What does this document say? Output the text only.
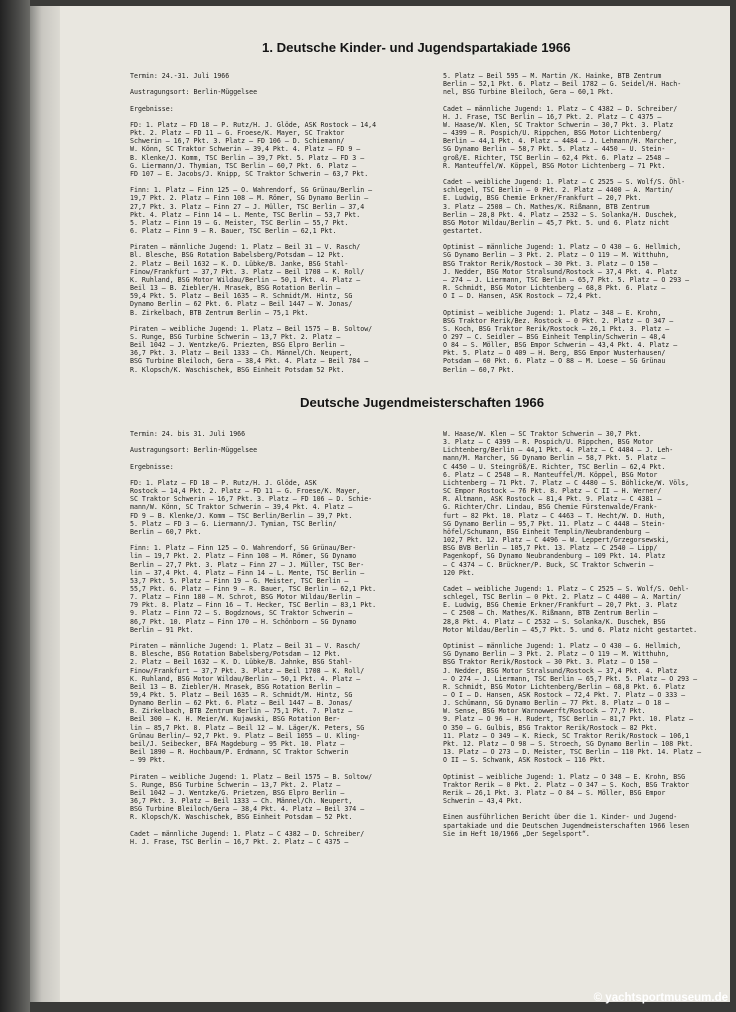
1. Deutsche Kinder- und Jugendspartakiade 1966
Termin: 24.-31. Juli 1966

Austragungsort: Berlin-Müggelsee

Ergebnisse:

FD: 1. Platz — FD 18 — P. Rutz/H. J. Glöde, ASK Rostock — 14,4
Pkt. 2. Platz — FD 11 — G. Froese/K. Mayer, SC Traktor
Schwerin — 16,7 Pkt. 3. Platz — FD 106 — D. Schiemann/
W. Könn, SC Traktor Schwerin — 39,4 Pkt. 4. Platz — FD 9 —
B. Klenke/J. Komm, TSC Berlin — 39,7 Pkt. 5. Platz — FD 3 —
G. Liermann/J. Thymian, TSC Berlin — 60,7 Pkt. 6. Platz —
FD 107 — E. Jacobs/J. Knipp, SC Traktor Schwerin — 63,7 Pkt.

Finn: 1. Platz — Finn 125 — O. Wahrendorf, SG Grünau/Berlin —
19,7 Pkt. 2. Platz — Finn 108 — M. Römer, SG Dynamo Berlin —
27,7 Pkt. 3. Platz — Finn 27 — J. Müller, TSC Berlin — 37,4
Pkt. 4. Platz — Finn 14 — L. Mente, TSC Berlin — 53,7 Pkt.
5. Platz — Finn 19 — G. Meister, TSC Berlin — 55,7 Pkt.
6. Platz — Finn 9 — R. Bauer, TSC Berlin — 62,1 Pkt.

Piraten — männliche Jugend: 1. Platz — Beil 31 — V. Rasch/
Bl. Blesche, BSG Rotation Babelsberg/Potsdam — 12 Pkt.
2. Platz — Beil 1632 — K. D. Lübke/B. Janke, BSG Stahl-
Finow/Frankfurt — 37,7 Pkt. 3. Platz — Beil 1708 — K. Roll/
K. Ruhland, BSG Motor Wildau/Berlin — 50,1 Pkt. 4. Platz —
Beil 13 — B. Ziebler/H. Mrasek, BSG Rotation Berlin —
59,4 Pkt. 5. Platz — Beil 1635 — R. Schmidt/M. Hintz, SG
Dynamo Berlin — 62 Pkt. 6. Platz — Beil 1447 — W. Jonas/
B. Zirkelbach, BTB Zentrum Berlin — 75,1 Pkt.

Piraten — weibliche Jugend: 1. Platz — Beil 1575 — B. Soltow/
S. Runge, BSG Turbine Schwerin — 13,7 Pkt. 2. Platz —
Beil 1042 — J. Wentzke/G. Priezten, BSG Elpro Berlin —
36,7 Pkt. 3. Platz — Beil 1333 — Ch. Männel/Ch. Neupert,
BSG Turbine Bleiloch, Gera — 38,4 Pkt. 4. Platz — Beil 784 —
R. Klopsch/K. Waschischek, BSG Einheit Potsdam 52 Pkt.
5. Platz — Beil 595 — M. Martin /K. Hainke, BTB Zentrum
Berlin — 52,1 Pkt. 6. Platz — Beil 1782 — G. Seidel/H. Hach-
nel, BSG Turbine Bleiloch, Gera — 60,1 Pkt.

Cadet — männliche Jugend: 1. Platz — C 4382 — D. Schreiber/
H. J. Frase, TSC Berlin — 16,7 Pkt. 2. Platz — C 4375 —
W. Haase/W. Klen, SC Traktor Schwerin — 30,7 Pkt. 3. Platz
— 4399 — R. Pospich/U. Rippchen, BSG Motor Lichtenberg/
Berlin — 44,1 Pkt. 4. Platz — 4484 — J. Lehmann/H. Marcher,
SG Dynamo Berlin — 58,7 Pkt. 5. Platz — 4450 — U. Stein-
groß/E. Richter, TSC Berlin — 62,4 Pkt. 6. Platz — 2548 —
R. Manteuffel/W. Köppel, BSG Motor Lichtenberg — 71 Pkt.

Cadet — weibliche Jugend: 1. Platz — C 2525 — S. Wolf/S. Öhl-
schlegel, TSC Berlin — 0 Pkt. 2. Platz — 4400 — A. Martin/
E. Ludwig, BSG Chemie Erkner/Frankfurt — 20,7 Pkt.
3. Platz — 2508 — Ch. Mathes/K. Rißmann, BTB Zentrum
Berlin — 28,8 Pkt. 4. Platz — 2532 — S. Solanka/H. Duschek,
BSG Motor Wildau/Berlin — 45,7 Pkt. 5. und 6. Platz nicht
gestartet.

Optimist — männliche Jugend: 1. Platz — O 430 — G. Hellmich,
SG Dynamo Berlin — 3 Pkt. 2. Platz — O 119 — M. Witthuhn,
BSG Traktor Rerik/Rostock — 30 Pkt. 3. Platz — O 150 —
J. Nedder, BSG Motor Stralsund/Rostock — 37,4 Pkt. 4. Platz
— 274 — J. Liermann, TSC Berlin — 65,7 Pkt. 5. Platz — O 293 —
R. Schmidt, BSG Motor Lichtenberg — 68,8 Pkt. 6. Platz —
O I — D. Hansen, ASK Rostock — 72,4 Pkt.

Optimist — weibliche Jugend: 1. Platz — 348 — E. Krohn,
BSG Traktor Rerik/Bez. Rostock — 0 Pkt. 2. Platz — O 347 —
S. Koch, BSG Traktor Rerik/Rostock — 26,1 Pkt. 3. Platz —
O 297 — C. Seidler — BSG Einheit Templin/Schwerin — 48,4
O 84 — S. Möller, BSG Empor Schwerin — 43,4 Pkt. 4. Platz —
Pkt. 5. Platz — O 409 — H. Berg, BSG Empor Wusterhausen/
Potsdam — 60 Pkt. 6. Platz — O 88 — M. Loese — SG Grünau
Berlin — 60,7 Pkt.
Deutsche Jugendmeisterschaften 1966
Termin: 24. bis 31. Juli 1966

Austragungsort: Berlin-Müggelsee

Ergebnisse:

FD: 1. Platz — FD 18 — P. Rutz/H. J. Glöde, ASK
Rostock — 14,4 Pkt. 2. Platz — FD 11 — G. Froese/K. Mayer,
SC Traktor Schwerin — 16,7 Pkt. 3. Platz — FD 106 — D. Schie-
mann/W. Könn, SC Traktor Schwerin — 39,4 Pkt. 4. Platz —
FD 9 — B. Klenke/J. Komm — TSC Berlin/Berlin — 39,7 Pkt.
5. Platz — FD 3 — G. Liermann/J. Tymian, TSC Berlin/
Berlin — 60,7 Pkt.

Finn: 1. Platz — Finn 125 — O. Wahrendorf, SG Grünau/Ber-
lin — 19,7 Pkt. 2. Platz — Finn 108 — M. Römer, SG Dynamo
Berlin — 27,7 Pkt. 3. Platz — Finn 27 — J. Müller, TSC Ber-
lin — 37,4 Pkt. 4. Platz — Finn 14 — L. Mente, TSC Berlin —
53,7 Pkt. 5. Platz — Finn 19 — G. Meister, TSC Berlin —
55,7 Pkt. 6. Platz — Finn 9 — R. Bauer, TSC Berlin — 62,1 Pkt.
7. Platz — Finn 180 — M. Schrot, BSG Motor Wildau/Berlin —
79 Pkt. 8. Platz — Finn 16 — T. Hecker, TSC Berlin — 83,1 Pkt.
9. Platz — Finn 72 — S. Bogdznows, SC Traktor Schwerin —
86,7 Pkt. 10. Platz — Finn 170 — H. Schönborn — SG Dynamo
Berlin — 91 Pkt.

Piraten — männliche Jugend: 1. Platz — Beil 31 — V. Rasch/
B. Blesche, BSG Rotation Babelsberg/Potsdam — 12 Pkt.
2. Platz — Beil 1632 — K. D. Lübke/B. Jahnke, BSG Stahl-
Finow/Frankfurt — 37,7 Pkt. 3. Platz — Beil 1708 — K. Roll/
K. Ruhland, BSG Motor Wildau/Berlin — 50,1 Pkt. 4. Platz —
Beil 13 — B. Ziebler/H. Mrasek, BSG Rotation Berlin —
59,4 Pkt. 5. Platz — Beil 1635 — R. Schmidt/M. Hintz, SG
Dynamo Berlin — 62 Pkt. 6. Platz — Beil 1447 — B. Jonas/
B. Zirkelbach, BTB Zentrum Berlin — 75,1 Pkt. 7. Platz —
Beil 300 — K. H. Meier/W. Kujawski, BSG Rotation Ber-
lin — 85,7 Pkt. 8. Platz — Beil 12 — W. Läger/K. Peters, SG
Grünau Berlin/— 92,7 Pkt. 9. Platz — Beil 1055 — U. Kling-
beil/J. Seibecker, BFA Magdeburg — 95 Pkt. 10. Platz —
Beil 1890 — R. Hochbaum/P. Erdmann, SC Traktor Schwerin
— 99 Pkt.

Piraten — weibliche Jugend: 1. Platz — Beil 1575 — B. Soltow/
S. Runge, BSG Turbine Schwerin — 13,7 Pkt. 2. Platz —
Beil 1042 — J. Wentzke/G. Prietzen, BSG Elpro Berlin —
36,7 Pkt. 3. Platz — Beil 1333 — Ch. Männel/Ch. Neupert,
BSG Turbine Bleiloch/Gera — 38,4 Pkt. 4. Platz — Beil 374 —
R. Klopsch/K. Waschischek, BSG Einheit Potsdam — 52 Pkt.

Cadet — männliche Jugend: 1. Platz — C 4382 — D. Schreiber/
H. J. Frase, TSC Berlin — 16,7 Pkt. 2. Platz — C 4375 —
W. Haase/W. Klen — SC Traktor Schwerin — 30,7 Pkt.
3. Platz — C 4399 — R. Pospich/U. Rippchen, BSG Motor
Lichtenberg/Berlin — 44,1 Pkt. 4. Platz — C 4484 — J. Leh-
mann/M. Marcher, SG Dynamo Berlin — 58,7 Pkt. 5. Platz —
C 4450 — U. Steingröß/E. Richter, TSC Berlin — 62,4 Pkt.
6. Platz — C 2548 — R. Manteuffel/M. Köppel, BSG Motor
Lichtenberg — 71 Pkt. 7. Platz — C 4480 — S. Böhlicke/W. Völs,
SC Empor Rostock — 76 Pkt. 8. Platz — C II — H. Werner/
R. Altmann, ASK Rostock — 81,4 Pkt. 9. Platz — C 4381 —
G. Richter/Chr. Lindau, BSG Chemie Fürstenwalde/Frank-
furt — 82 Pkt. 10. Platz — C 4463 — T. Hecht/W. D. Huth,
SG Dynamo Berlin — 95,7 Pkt. 11. Platz — C 4448 — Stein-
höfel/Schumann, BSG Einheit Templin/Neubrandenburg —
102,7 Pkt. 12. Platz — C 4496 — W. Leppert/Grzegorsewski,
BSG BVB Berlin — 105,7 Pkt. 13. Platz — C 2540 — Lipp/
Pagenkopf, SG Dynamo Neubrandenburg — 109 Pkt. 14. Platz
— C 4374 — C. Brückner/P. Buck, SC Traktor Schwerin —
120 Pkt.

Cadet — weibliche Jugend: 1. Platz — C 2525 — S. Wolf/S. Oehl-
schlegel, TSC Berlin — 0 Pkt. 2. Platz — C 4400 — A. Martin/
E. Ludwig, BSG Chemie Erkner/Frankfurt — 20,7 Pkt. 3. Platz
— C 2508 — Ch. Mathes/K. Rißmann, BTB Zentrum Berlin —
28,8 Pkt. 4. Platz — C 2532 — S. Solanka/K. Duschek, BSG
Motor Wildau/Berlin — 45,7 Pkt. 5. und 6. Platz nicht gestartet.

Optimist — männliche Jugend: 1. Platz — O 430 — G. Hellmich,
SG Dynamo Berlin — 3 Pkt. 2. Platz — O 119 — M. Witthuhn,
BSG Traktor Rerik/Rostock — 30 Pkt. 3. Platz — O 150 —
J. Nedder, BSG Motor Stralsund/Rostock — 37,4 Pkt. 4. Platz
— O 274 — J. Liermann, TSC Berlin — 65,7 Pkt. 5. Platz — O 293 —
R. Schmidt, BSG Motor Lichtenberg/Berlin — 68,8 Pkt. 6. Platz
— O I — D. Hansen, ASK Rostock — 72,4 Pkt. 7. Platz — O 333 —
J. Schümann, SG Dynamo Berlin — 77 Pkt. 8. Platz — O 18 —
W. Sense, BSG Motor Warnowwerft/Rostock — 77,7 Pkt.
9. Platz — O 96 — H. Rudert, TSC Berlin — 81,7 Pkt. 10. Platz —
O 350 — G. Gulbis, BSG Traktor Rerik/Rostock — 82 Pkt.
11. Platz — O 349 — K. Rieck, SC Traktor Rerik/Rostock — 106,1
Pkt. 12. Platz — O 98 — S. Stroech, SG Dynamo Berlin — 108 Pkt.
13. Platz — O 273 — D. Meister, TSC Berlin — 110 Pkt. 14. Platz —
O II — S. Schwank, ASK Rostock — 116 Pkt.

Optimist — weibliche Jugend: 1. Platz — O 348 — E. Krohn, BSG
Traktor Rerik — 0 Pkt. 2. Platz — O 347 — S. Koch, BSG Traktor
Rerik — 26,1 Pkt. 3. Platz — O 84 — S. Möller, BSG Empor
Schwerin — 43,4 Pkt.

Einen ausführlichen Bericht über die 1. Kinder- und Jugend-
spartakiade und die Deutschen Jugendmeisterschaften 1966 lesen
Sie im Heft 10/1966 „Der Segelsport“.
© yachtsportmuseum.de
